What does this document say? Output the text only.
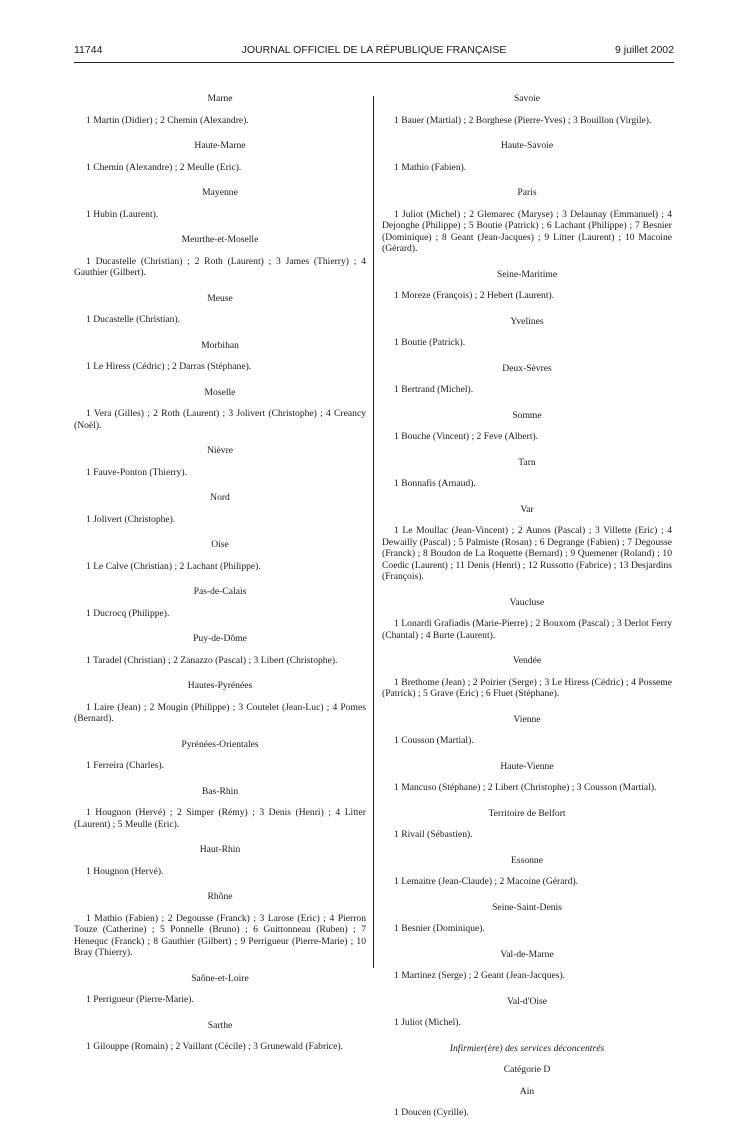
11744	JOURNAL OFFICIEL DE LA RÉPUBLIQUE FRANÇAISE	9 juillet 2002
Marne
1 Martin (Didier) ; 2 Chemin (Alexandre).
Haute-Marne
1 Chemin (Alexandre) ; 2 Meulle (Eric).
Mayenne
1 Hubin (Laurent).
Meurthe-et-Moselle
1 Ducastelle (Christian) ; 2 Roth (Laurent) ; 3 James (Thierry) ; 4 Gauthier (Gilbert).
Meuse
1 Ducastelle (Christian).
Morbihan
1 Le Hiress (Cédric) ; 2 Darras (Stéphane).
Moselle
1 Vera (Gilles) ; 2 Roth (Laurent) ; 3 Jolivert (Christophe) ; 4 Creancy (Noël).
Nièvre
1 Fauve-Ponton (Thierry).
Nord
1 Jolivert (Christophe).
Oise
1 Le Calve (Christian) ; 2 Lachant (Philippe).
Pas-de-Calais
1 Ducrocq (Philippe).
Puy-de-Dôme
1 Taradel (Christian) ; 2 Zanazzo (Pascal) ; 3 Libert (Christophe).
Hautes-Pyrénées
1 Laire (Jean) ; 2 Mougin (Philippe) ; 3 Coutelet (Jean-Luc) ; 4 Pomes (Bernard).
Pyrénées-Orientales
1 Ferreira (Charles).
Bas-Rhin
1 Hougnon (Hervé) ; 2 Simper (Rémy) ; 3 Denis (Henri) ; 4 Litter (Laurent) ; 5 Meulle (Eric).
Haut-Rhin
1 Hougnon (Hervé).
Rhône
1 Mathio (Fabien) ; 2 Degousse (Franck) ; 3 Larose (Eric) ; 4 Pierron Touze (Catherine) ; 5 Ponnelle (Bruno) ; 6 Guittonneau (Ruben) ; 7 Henequc (Franck) ; 8 Gauthier (Gilbert) ; 9 Perrigueur (Pierre-Marie) ; 10 Bray (Thierry).
Saône-et-Loire
1 Perrigueur (Pierre-Marie).
Sarthe
1 Gilouppe (Romain) ; 2 Vaillant (Cécile) ; 3 Grunewald (Fabrice).
Savoie
1 Bauer (Martial) ; 2 Borghese (Pierre-Yves) ; 3 Bouillon (Virgile).
Haute-Savoie
1 Mathio (Fabien).
Paris
1 Juliot (Michel) ; 2 Glemarec (Maryse) ; 3 Delaunay (Emmanuel) ; 4 Dejonghe (Philippe) ; 5 Boutie (Patrick) ; 6 Lachant (Philippe) ; 7 Besnier (Dominique) ; 8 Geant (Jean-Jacques) ; 9 Litter (Laurent) ; 10 Macoine (Gérard).
Seine-Maritime
1 Moreze (François) ; 2 Hebert (Laurent).
Yvelines
1 Boutie (Patrick).
Deux-Sèvres
1 Bertrand (Michel).
Somme
1 Bouche (Vincent) ; 2 Feve (Albert).
Tarn
1 Bonnafis (Arnaud).
Var
1 Le Moullac (Jean-Vincent) ; 2 Aunos (Pascal) ; 3 Villette (Eric) ; 4 Dewailly (Pascal) ; 5 Palmiste (Rosan) ; 6 Degrange (Fabien) ; 7 Degousse (Franck) ; 8 Boudon de La Roquette (Bernard) ; 9 Quemener (Roland) ; 10 Coedic (Laurent) ; 11 Denis (Henri) ; 12 Russotto (Fabrice) ; 13 Desjardins (François).
Vaucluse
1 Lonardi Grafiadis (Marie-Pierre) ; 2 Bouxom (Pascal) ; 3 Derlot Ferry (Chantal) ; 4 Burte (Laurent).
Vendée
1 Brethome (Jean) ; 2 Poirier (Serge) ; 3 Le Hiress (Cédric) ; 4 Posseme (Patrick) ; 5 Grave (Eric) ; 6 Fluet (Stéphane).
Vienne
1 Cousson (Martial).
Haute-Vienne
1 Mancuso (Stéphane) ; 2 Libert (Christophe) ; 3 Cousson (Martial).
Territoire de Belfort
1 Rivail (Sébastien).
Essonne
1 Lemaitre (Jean-Claude) ; 2 Macoine (Gérard).
Seine-Saint-Denis
1 Besnier (Dominique).
Val-de-Marne
1 Martinez (Serge) ; 2 Geant (Jean-Jacques).
Val-d'Oise
1 Juliot (Michel).
Infirmier(ère) des services déconcentrés
Catégorie D
Ain
1 Doucen (Cyrille).
